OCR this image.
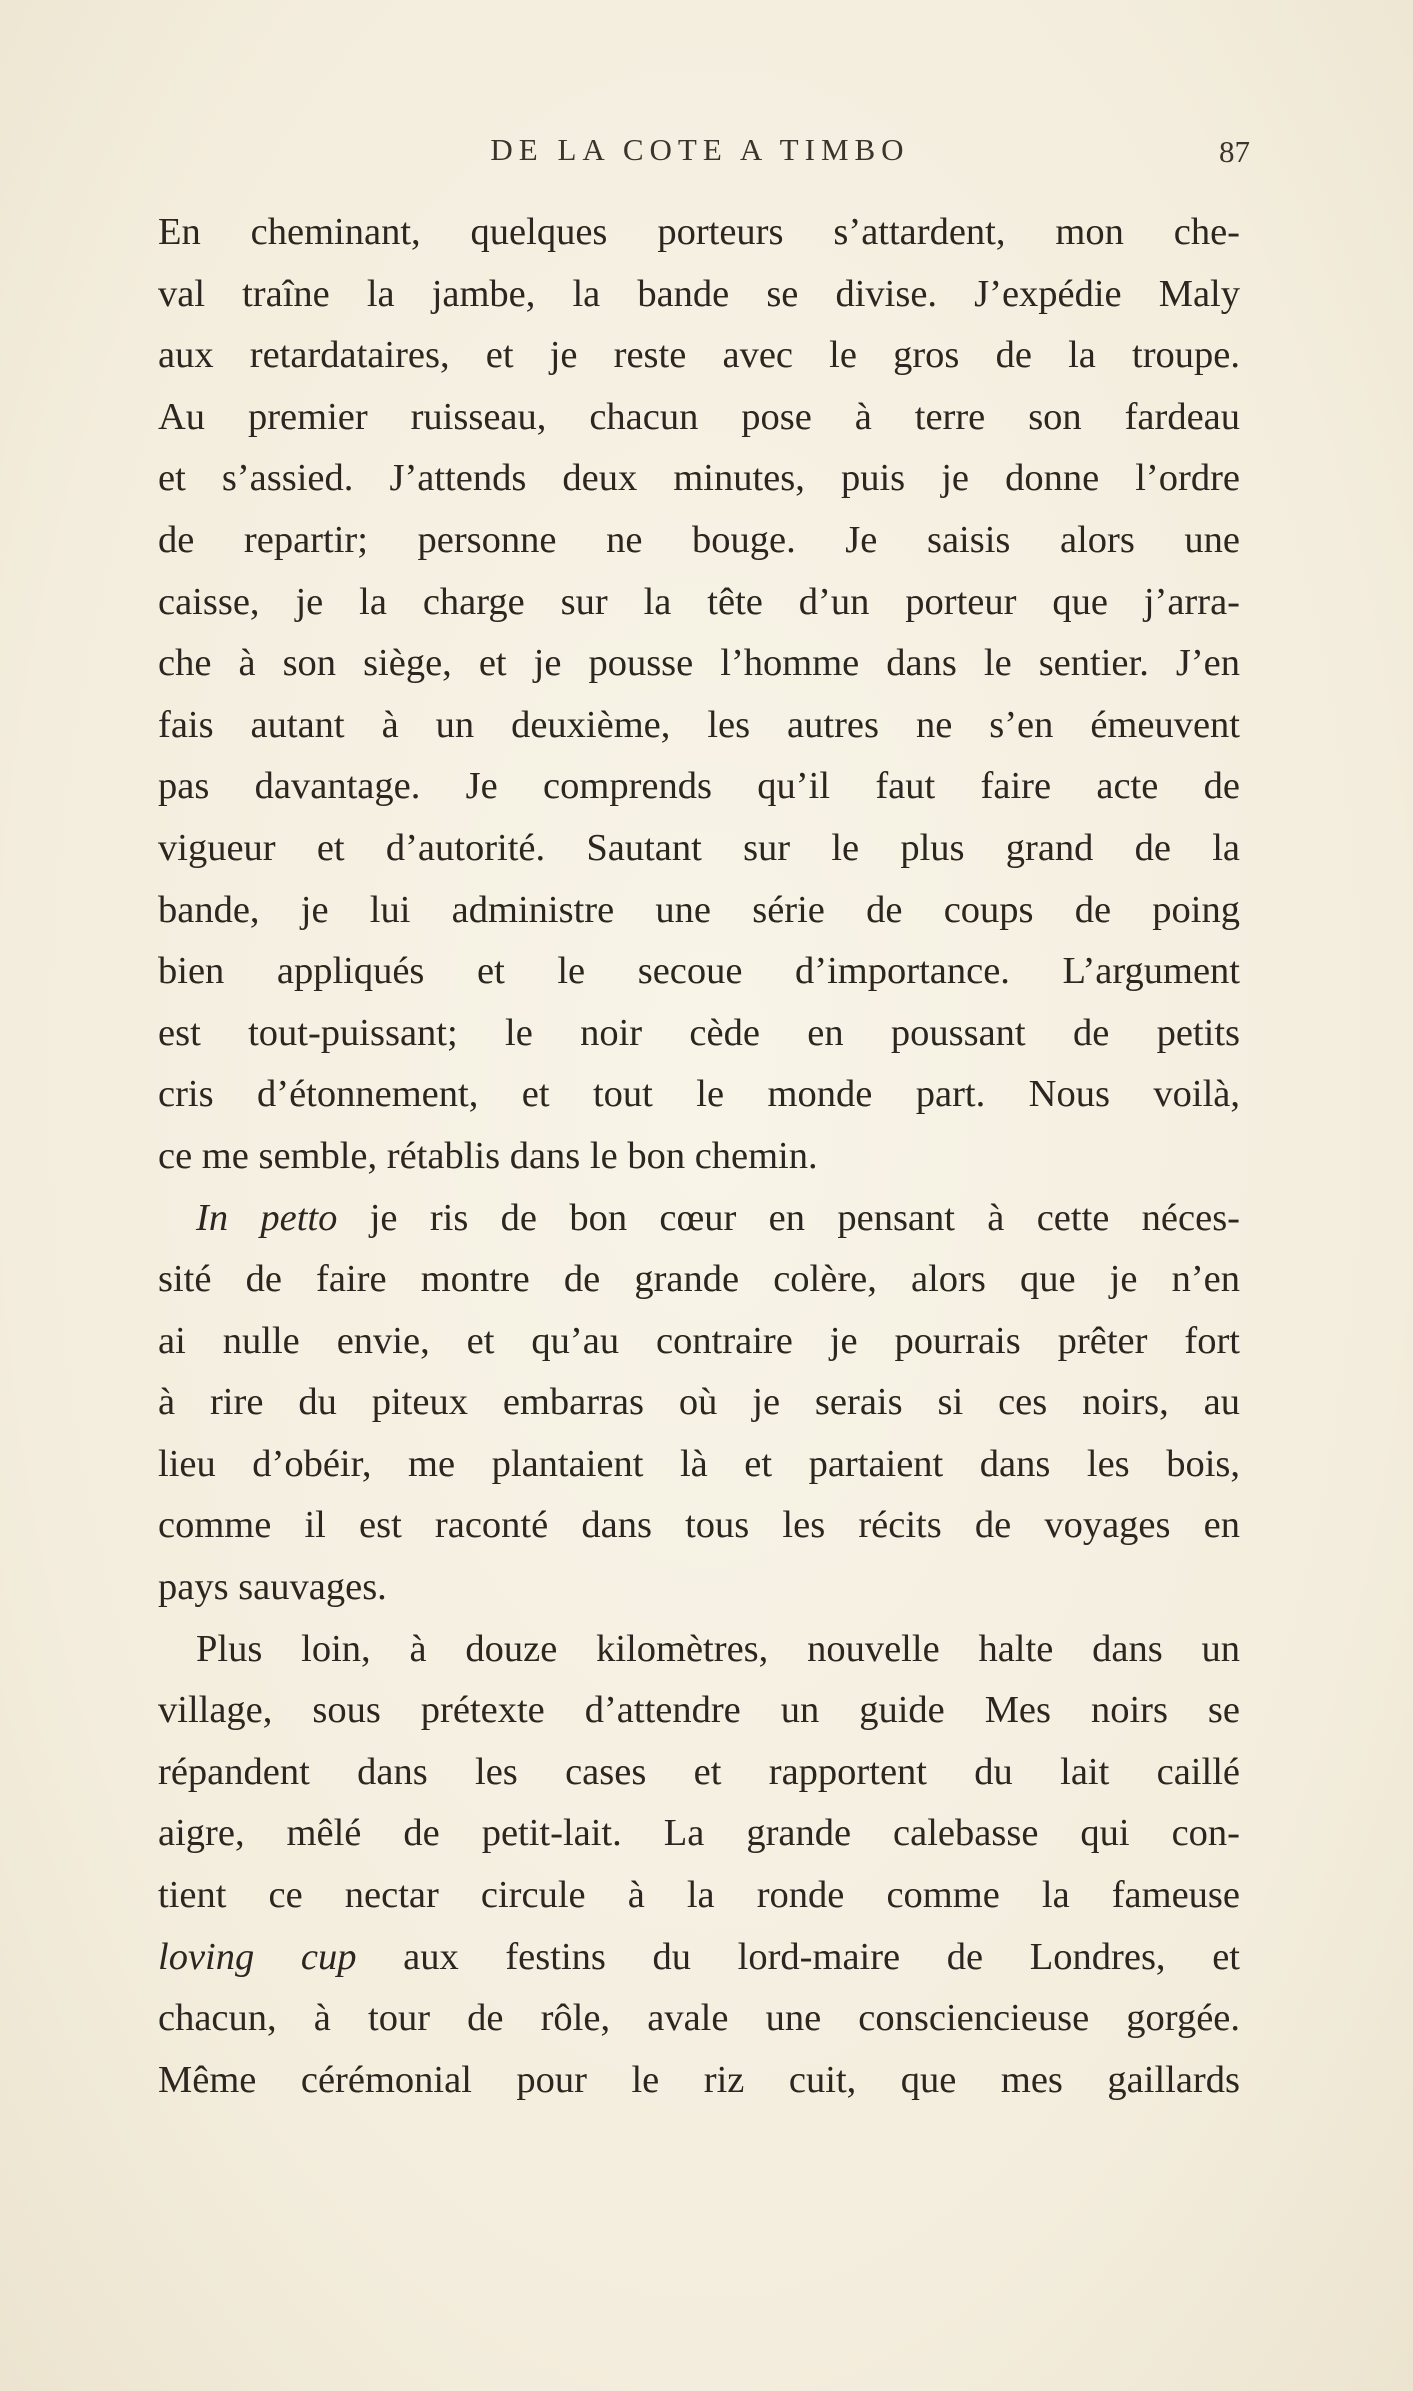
DE LA COTE A TIMBO	87
En cheminant, quelques porteurs s’attardent, mon che-
val traîne la jambe, la bande se divise. J’expédie Maly
aux retardataires, et je reste avec le gros de la troupe.
Au premier ruisseau, chacun pose à terre son fardeau
et s’assied. J’attends deux minutes, puis je donne l’ordre
de repartir; personne ne bouge. Je saisis alors une
caisse, je la charge sur la tête d’un porteur que j’arra-
che à son siège, et je pousse l’homme dans le sentier. J’en
fais autant à un deuxième, les autres ne s’en émeuvent
pas davantage. Je comprends qu’il faut faire acte de
vigueur et d’autorité. Sautant sur le plus grand de la
bande, je lui administre une série de coups de poing
bien appliqués et le secoue d’importance. L’argument
est tout-puissant; le noir cède en poussant de petits
cris d’étonnement, et tout le monde part. Nous voilà,
ce me semble, rétablis dans le bon chemin.
In petto je ris de bon cœur en pensant à cette néces-
sité de faire montre de grande colère, alors que je n’en
ai nulle envie, et qu’au contraire je pourrais prêter fort
à rire du piteux embarras où je serais si ces noirs, au
lieu d’obéir, me plantaient là et partaient dans les bois,
comme il est raconté dans tous les récits de voyages en
pays sauvages.
Plus loin, à douze kilomètres, nouvelle halte dans un
village, sous prétexte d’attendre un guide Mes noirs se
répandent dans les cases et rapportent du lait caillé
aigre, mêlé de petit-lait. La grande calebasse qui con-
tient ce nectar circule à la ronde comme la fameuse
loving cup aux festins du lord-maire de Londres, et
chacun, à tour de rôle, avale une consciencieuse gorgée.
Même cérémonial pour le riz cuit, que mes gaillards
